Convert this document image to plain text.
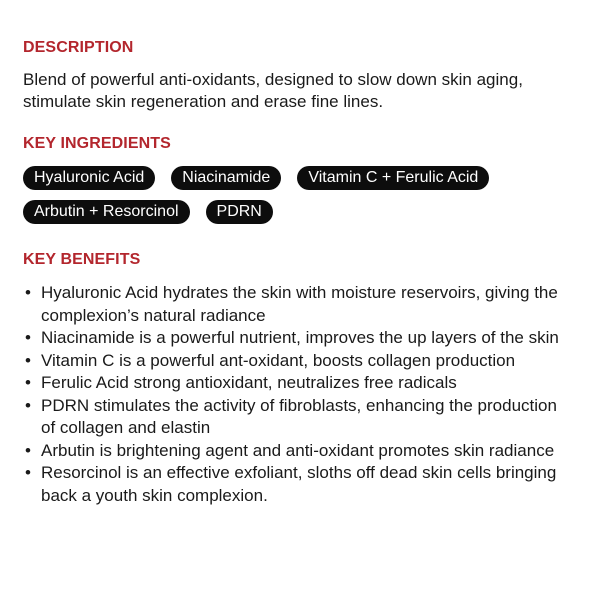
DESCRIPTION

Blend of powerful anti-oxidants, designed to slow down skin aging, stimulate skin regeneration and erase fine lines.

KEY INGREDIENTS
Hyaluronic Acid	Niacinamide	Vitamin C + Ferulic Acid
Arbutin + Resorcinol	PDRN
KEY BENEFITS
• Hyaluronic Acid hydrates the skin with moisture reservoirs, giving the complexion’s natural radiance
• Niacinamide is a powerful nutrient, improves the up layers of the skin
• Vitamin C is a powerful ant-oxidant, boosts collagen production
• Ferulic Acid strong antioxidant, neutralizes free radicals
• PDRN stimulates the activity of fibroblasts, enhancing the production of collagen and elastin
• Arbutin is brightening agent and anti-oxidant promotes skin radiance
• Resorcinol is an effective exfoliant, sloths off dead skin cells bringing back a youth skin complexion.
